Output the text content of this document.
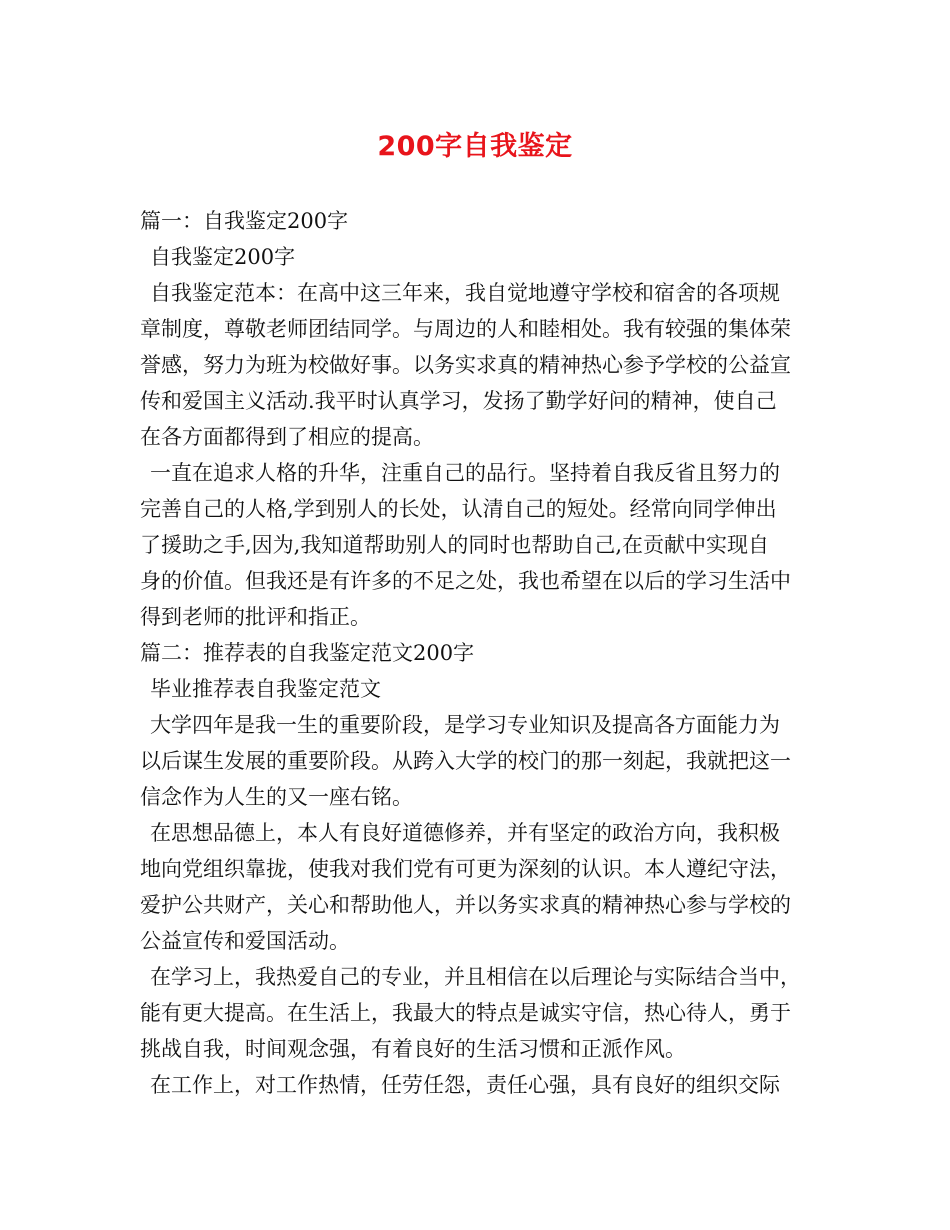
200字自我鉴定
篇一：自我鉴定200字
自我鉴定200字
自我鉴定范本：在高中这三年来，我自觉地遵守学校和宿舍的各项规
章制度，尊敬老师团结同学。与周边的人和睦相处。我有较强的集体荣
誉感，努力为班为校做好事。以务实求真的精神热心参予学校的公益宣
传和爱国主义活动.我平时认真学习，发扬了勤学好问的精神，使自己
在各方面都得到了相应的提高。
一直在追求人格的升华，注重自己的品行。坚持着自我反省且努力的
完善自己的人格,学到别人的长处，认清自己的短处。经常向同学伸出
了援助之手,因为,我知道帮助别人的同时也帮助自己,在贡献中实现自
身的价值。但我还是有许多的不足之处，我也希望在以后的学习生活中
得到老师的批评和指正。
篇二：推荐表的自我鉴定范文200字
毕业推荐表自我鉴定范文
大学四年是我一生的重要阶段，是学习专业知识及提高各方面能力为
以后谋生发展的重要阶段。从跨入大学的校门的那一刻起，我就把这一
信念作为人生的又一座右铭。
在思想品德上，本人有良好道德修养，并有坚定的政治方向，我积极
地向党组织靠拢，使我对我们党有可更为深刻的认识。本人遵纪守法，
爱护公共财产，关心和帮助他人，并以务实求真的精神热心参与学校的
公益宣传和爱国活动。
在学习上，我热爱自己的专业，并且相信在以后理论与实际结合当中，
能有更大提高。在生活上，我最大的特点是诚实守信，热心待人，勇于
挑战自我，时间观念强，有着良好的生活习惯和正派作风。
在工作上，对工作热情，任劳任怨，责任心强，具有良好的组织交际
